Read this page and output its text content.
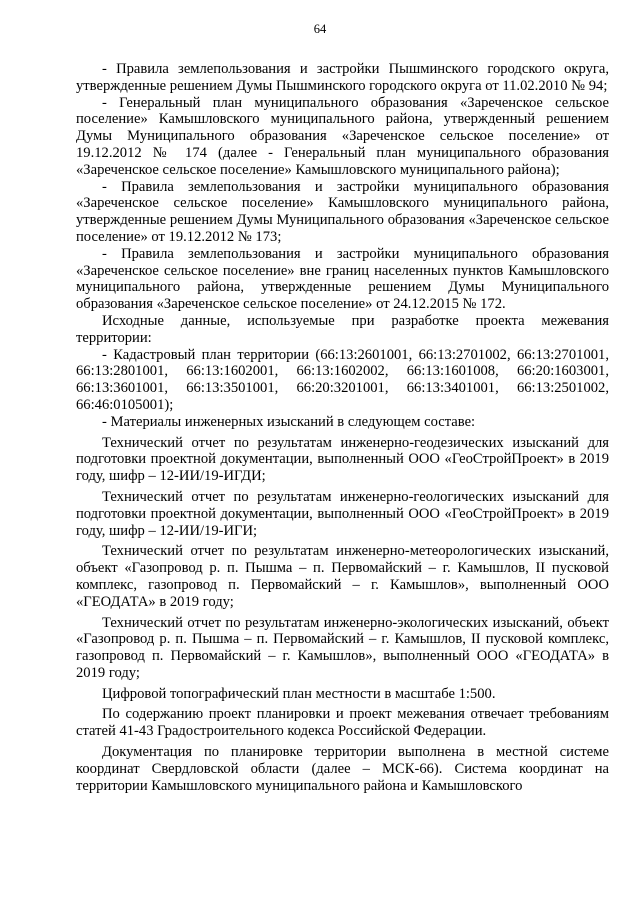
64

- Правила землепользования и застройки Пышминского городского округа, утвержденные решением Думы Пышминского городского округа от 11.02.2010 № 94;

- Генеральный план муниципального образования «Зареченское сельское поселение» Камышловского муниципального района, утвержденный решением Думы Муниципального образования «Зареченское сельское поселение» от 19.12.2012 № 174 (далее - Генеральный план муниципального образования «Зареченское сельское поселение» Камышловского муниципального района);

- Правила землепользования и застройки муниципального образования «Зареченское сельское поселение» Камышловского муниципального района, утвержденные решением Думы Муниципального образования «Зареченское сельское поселение» от 19.12.2012 № 173;

- Правила землепользования и застройки муниципального образования «Зареченское сельское поселение» вне границ населенных пунктов Камышловского муниципального района, утвержденные решением Думы Муниципального образования «Зареченское сельское поселение» от 24.12.2015 № 172.

Исходные данные, используемые при разработке проекта межевания территории:

- Кадастровый план территории (66:13:2601001, 66:13:2701002, 66:13:2701001, 66:13:2801001, 66:13:1602001, 66:13:1602002, 66:13:1601008, 66:20:1603001, 66:13:3601001, 66:13:3501001, 66:20:3201001, 66:13:3401001, 66:13:2501002, 66:46:0105001);

- Материалы инженерных изысканий в следующем составе:

Технический отчет по результатам инженерно-геодезических изысканий для подготовки проектной документации, выполненный ООО «ГеоСтройПроект» в 2019 году, шифр – 12-ИИ/19-ИГДИ;

Технический отчет по результатам инженерно-геологических изысканий для подготовки проектной документации, выполненный ООО «ГеоСтройПроект» в 2019 году, шифр – 12-ИИ/19-ИГИ;

Технический отчет по результатам инженерно-метеорологических изысканий, объект «Газопровод р. п. Пышма – п. Первомайский – г. Камышлов, II пусковой комплекс, газопровод п. Первомайский – г. Камышлов», выполненный ООО «ГЕОДАТА» в 2019 году;

Технический отчет по результатам инженерно-экологических изысканий, объект «Газопровод р. п. Пышма – п. Первомайский – г. Камышлов, II пусковой комплекс, газопровод п. Первомайский – г. Камышлов», выполненный ООО «ГЕОДАТА» в 2019 году;

Цифровой топографический план местности в масштабе 1:500.

По содержанию проект планировки и проект межевания отвечает требованиям статей 41-43 Градостроительного кодекса Российской Федерации.

Документация по планировке территории выполнена в местной системе координат Свердловской области (далее – МСК-66). Система координат на территории Камышловского муниципального района и Камышловского
